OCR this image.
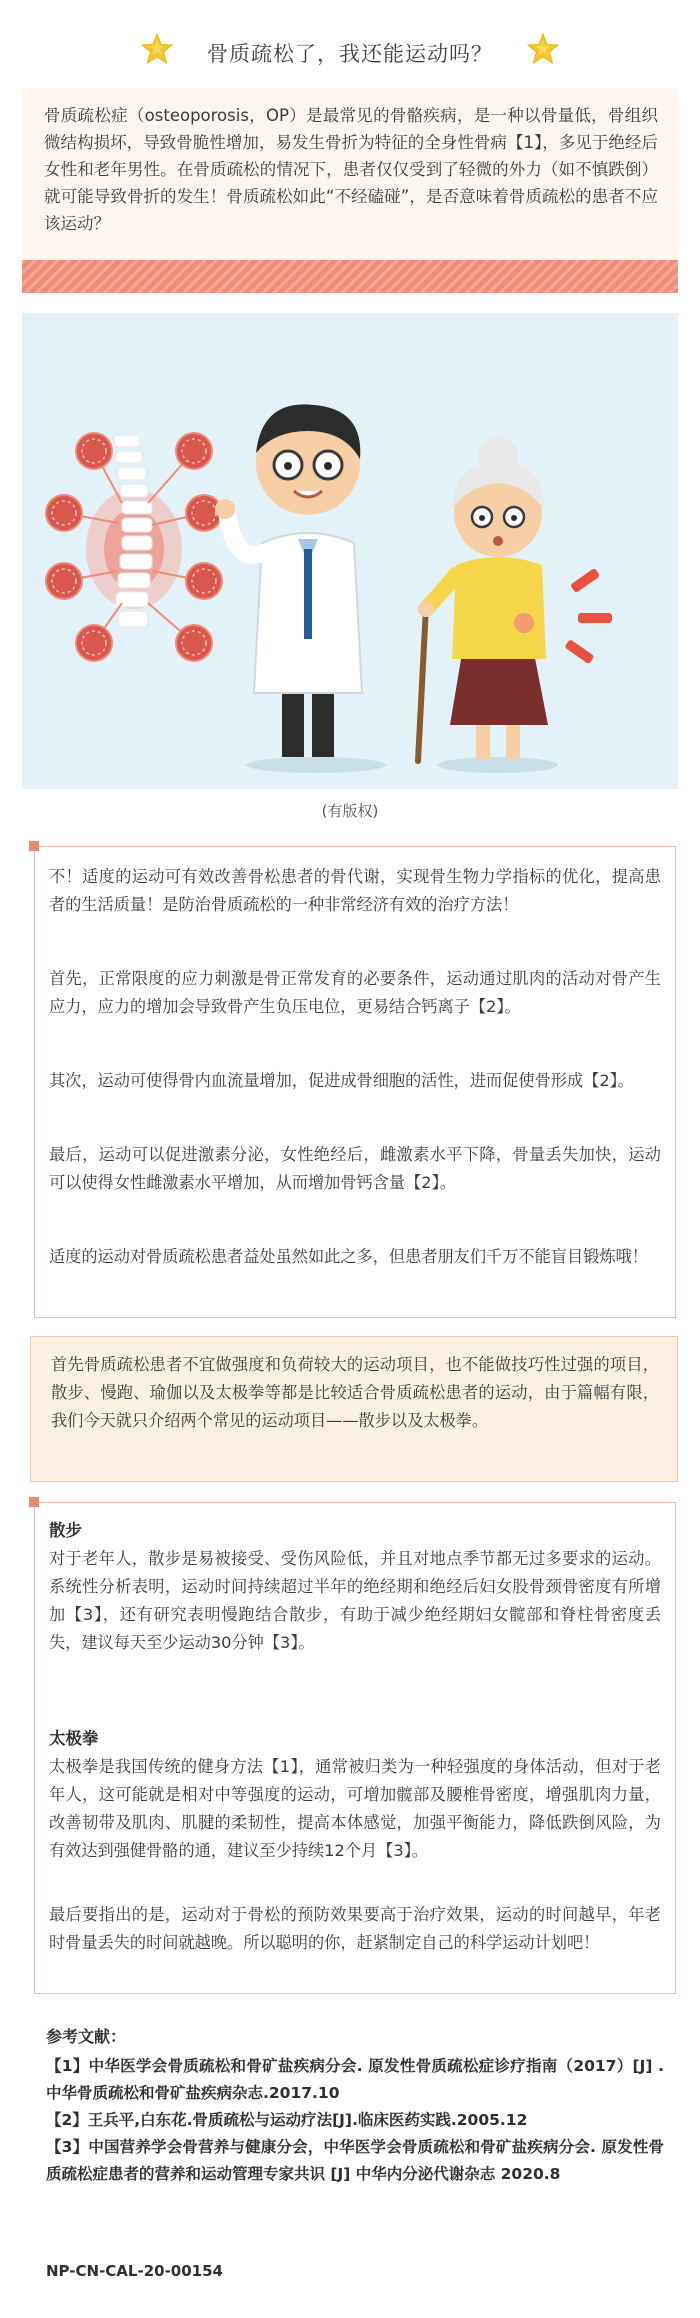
骨质疏松了，我还能运动吗？
骨质疏松症（osteoporosis，OP）是最常见的骨骼疾病，是一种以骨量低，骨组织微结构损坏，导致骨脆性增加，易发生骨折为特征的全身性骨病【1】，多见于绝经后女性和老年男性。在骨质疏松的情况下，患者仅仅受到了轻微的外力（如不慎跌倒）就可能导致骨折的发生！骨质疏松如此“不经磕碰”，是否意味着骨质疏松的患者不应该运动？
(有版权)

不！适度的运动可有效改善骨松患者的骨代谢，实现骨生物力学指标的优化，提高患者的生活质量！是防治骨质疏松的一种非常经济有效的治疗方法！

首先，正常限度的应力刺激是骨正常发育的必要条件，运动通过肌肉的活动对骨产生应力，应力的增加会导致骨产生负压电位，更易结合钙离子【2】。

其次，运动可使得骨内血流量增加，促进成骨细胞的活性，进而促使骨形成【2】。

最后，运动可以促进激素分泌，女性绝经后，雌激素水平下降，骨量丢失加快，运动可以使得女性雌激素水平增加，从而增加骨钙含量【2】。

适度的运动对骨质疏松患者益处虽然如此之多，但患者朋友们千万不能盲目锻炼哦！

首先骨质疏松患者不宜做强度和负荷较大的运动项目，也不能做技巧性过强的项目，散步、慢跑、瑜伽以及太极拳等都是比较适合骨质疏松患者的运动，由于篇幅有限，我们今天就只介绍两个常见的运动项目——散步以及太极拳。
散步

对于老年人，散步是易被接受、受伤风险低，并且对地点季节都无过多要求的运动。系统性分析表明，运动时间持续超过半年的绝经期和绝经后妇女股骨颈骨密度有所增加【3】，还有研究表明慢跑结合散步，有助于减少绝经期妇女髋部和脊柱骨密度丢失，建议每天至少运动30分钟【3】。

太极拳

太极拳是我国传统的健身方法【1】，通常被归类为一种轻强度的身体活动，但对于老年人，这可能就是相对中等强度的运动，可增加髋部及腰椎骨密度，增强肌肉力量，改善韧带及肌肉、肌腱的柔韧性，提高本体感觉，加强平衡能力，降低跌倒风险，为有效达到强健骨骼的通，建议至少持续12个月【3】。

最后要指出的是，运动对于骨松的预防效果要高于治疗效果，运动的时间越早，年老时骨量丢失的时间就越晚。所以聪明的你，赶紧制定自己的科学运动计划吧！

参考文献：

【1】中华医学会骨质疏松和骨矿盐疾病分会. 原发性骨质疏松症诊疗指南（2017）[J] .中华骨质疏松和骨矿盐疾病杂志.2017.10

【2】王兵平,白东花.骨质疏松与运动疗法[J].临床医药实践.2005.12

【3】中国营养学会骨营养与健康分会，中华医学会骨质疏松和骨矿盐疾病分会. 原发性骨质疏松症患者的营养和运动管理专家共识 [J] 中华内分泌代谢杂志 2020.8

NP-CN-CAL-20-00154
